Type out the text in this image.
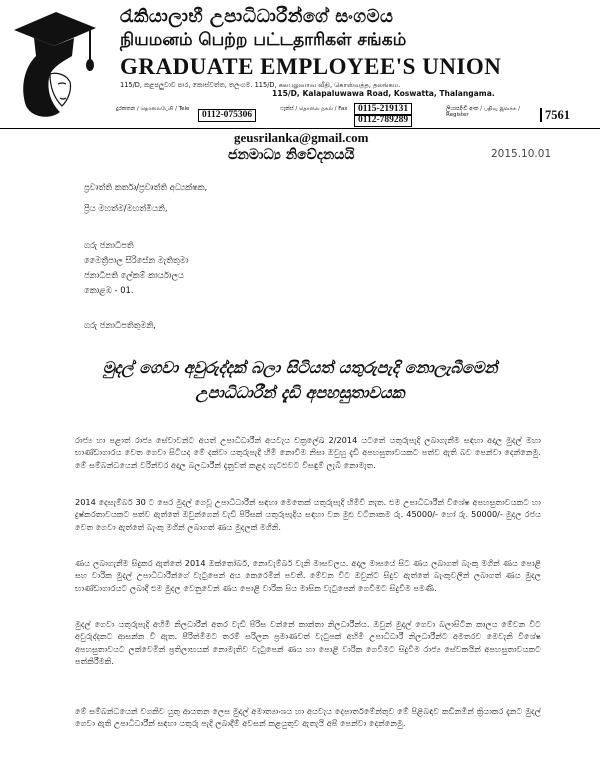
රැකියාලාභී උපාධිධාරීන්ගේ සංගමය
நியமனம் பெற்ற பட்டதாரிகள் சங்கம்
GRADUATE EMPLOYEE'S UNION
115/D, කළපලුවාව පාර, කොස්වත්ත, තලංගම. 115/D, கலபலுவாவ வீதி, கொஸ்வத்த, தலங்கம.
115/D, Kalapaluwawa Road, Koswatta, Thalangama.
දුරකතන / தொலைபேசி / Tele
0112-075306
ෆැක්ස් / தொலை நகல் / Fax	0115-219131
0112-789289
ලියාපදිංචි අංක / பதிவு இலக்க / Register	7561
geusrilanka@gmail.com
ජනමාධ්‍ය නිවේදනයයි	2015.10.01
ප්‍රවෘත්ති කර්තෘ/ප්‍රවෘත්ති අධ්‍යක්ෂක,
ප්‍රිය මහත්ම/මහත්මියනි,
ගරු ජනාධිපති
මෛත්‍රීපාල සිරිසේන මැතිතුමා
ජනාධිපති ලේකම් කාර්යාලය
කොළඹ - 01.
ගරු ජනාධිපතිතුමනි,
මුදල් ගෙවා අවුරුද්දක් බලා සිටියත් යතුරුපැදි නොලැබීමෙන්
උපාධිධාරීන් දැඩි අපහසුතාවයක
රාජ්‍ය හා පළාත් රාජ්‍ය සේවාවන්ට අයත් උපාධිධාරීන් අයවැය චක්‍රලේඛ 2/2014 යටතේ යතුරුපැදි ලබාගැනීම සඳහා අදාල මුදල් මහා භාණ්ඩාගාරය වෙත ගෙවා සිටියද මේ දක්වා යතුරුපැදි හිමි නොවීම නිසා ඔවුහු දැඩි අපහසුතාවයකට පත්ව ඇති බව පෙන්වා දෙන්නෙමු. මේ සම්බන්ධයෙන් වරින්වර අදාල බලධාරීන් දැනුවත් කළද ගැටළුවට විසඳුම් ලැබී නොමැත.
2014 දෙසැම්බර් 30 ට පෙර මුදල් ගෙවූ උපාධිධාරීන් සඳහා මෙතෙක් යතුරුපැදි හිමිවී නැත. එම උපාධිධාරීන් විශේෂ අපහසුතාවයකට හා දුෂ්කරතාවයකට පත්ව ඇත්තේ ඔවුන්ගෙන් වැඩි පිරිසක් යතුරුපැදිය සඳහා වන මුළු වටිනාකම රු. 45000/- හෝ රු. 50000/- මුදල රජය වෙත ගෙවා ඇත්තේ බැංකු මගින් ලබාගත් ණය මුදලක් මගිනි.
ණය ලබාගැනීම සිදුකර ඇත්තේ 2014 ඔක්තෝබර්, නොවැම්බර් වැනි මාසවලය. අදාල මාසයේ සිට ණය ලබාගත් බැංකු මගින් ණය පොළී සහ වාරික මුදල් උපාධිධාරීන්ගේ වැටුපෙන් අය කෙරෙමින් පවතී. මේවන විට ඔවුන්ට සිදුව ඇත්තේ බැංකුවලින් ලබාගත් ණය මුදල භාණ්ඩාගාරයට ලබාදී එම මුදල වෙනුවෙන් ණය පොළී වාරික සිය මාසික වැටුපෙන් ගෙවීමට සිදුවීම පමණි.
මුදල් ගෙවා යතුරුපැදි අහිමි නිලධාරීන් අතර වැඩි පිරිස වන්නේ කාන්තා නිලධාරීන්ය. ඔවුන් මුදල් ගෙවා බලාසිටින කාලය මේවන විට අවුරුද්දකට ආසන්න වී ඇත. පීරිත්මීමට තරම් සරිලන ප්‍රමාණවත් වැටුපක් අහිමි උපාධිධාරී නිලධාරීන්ට අමතරව මෙවැනි විශේෂ අපහසුතාවයට ලක්වෙමින් ප්‍රතිලාභයක් නොමැතිව වැටුපෙන් ණය හා පොළී වාරික ගෙවීමට සිදුවීම රාජ්‍ය සේවකයින් අපහසුතාවයකට පත්කිරීමකි.
මේ සම්බන්ධයෙන් වගකිව යුතු ආයතන ලෙස මුදල් අමාත්‍යාංශය හා අයවැය දෙපාර්තමේන්තුව මේ පිළිබඳව කඩිනමින් ක්‍රියාකර දැනට මුදල් ගෙවා ඇති උපාධිධාරීන් සඳහා යතුරු පැදි ලබාදීම් අවසන් කළයුතුව ඇතැයි අපි පෙන්වා දෙන්නෙමු.
